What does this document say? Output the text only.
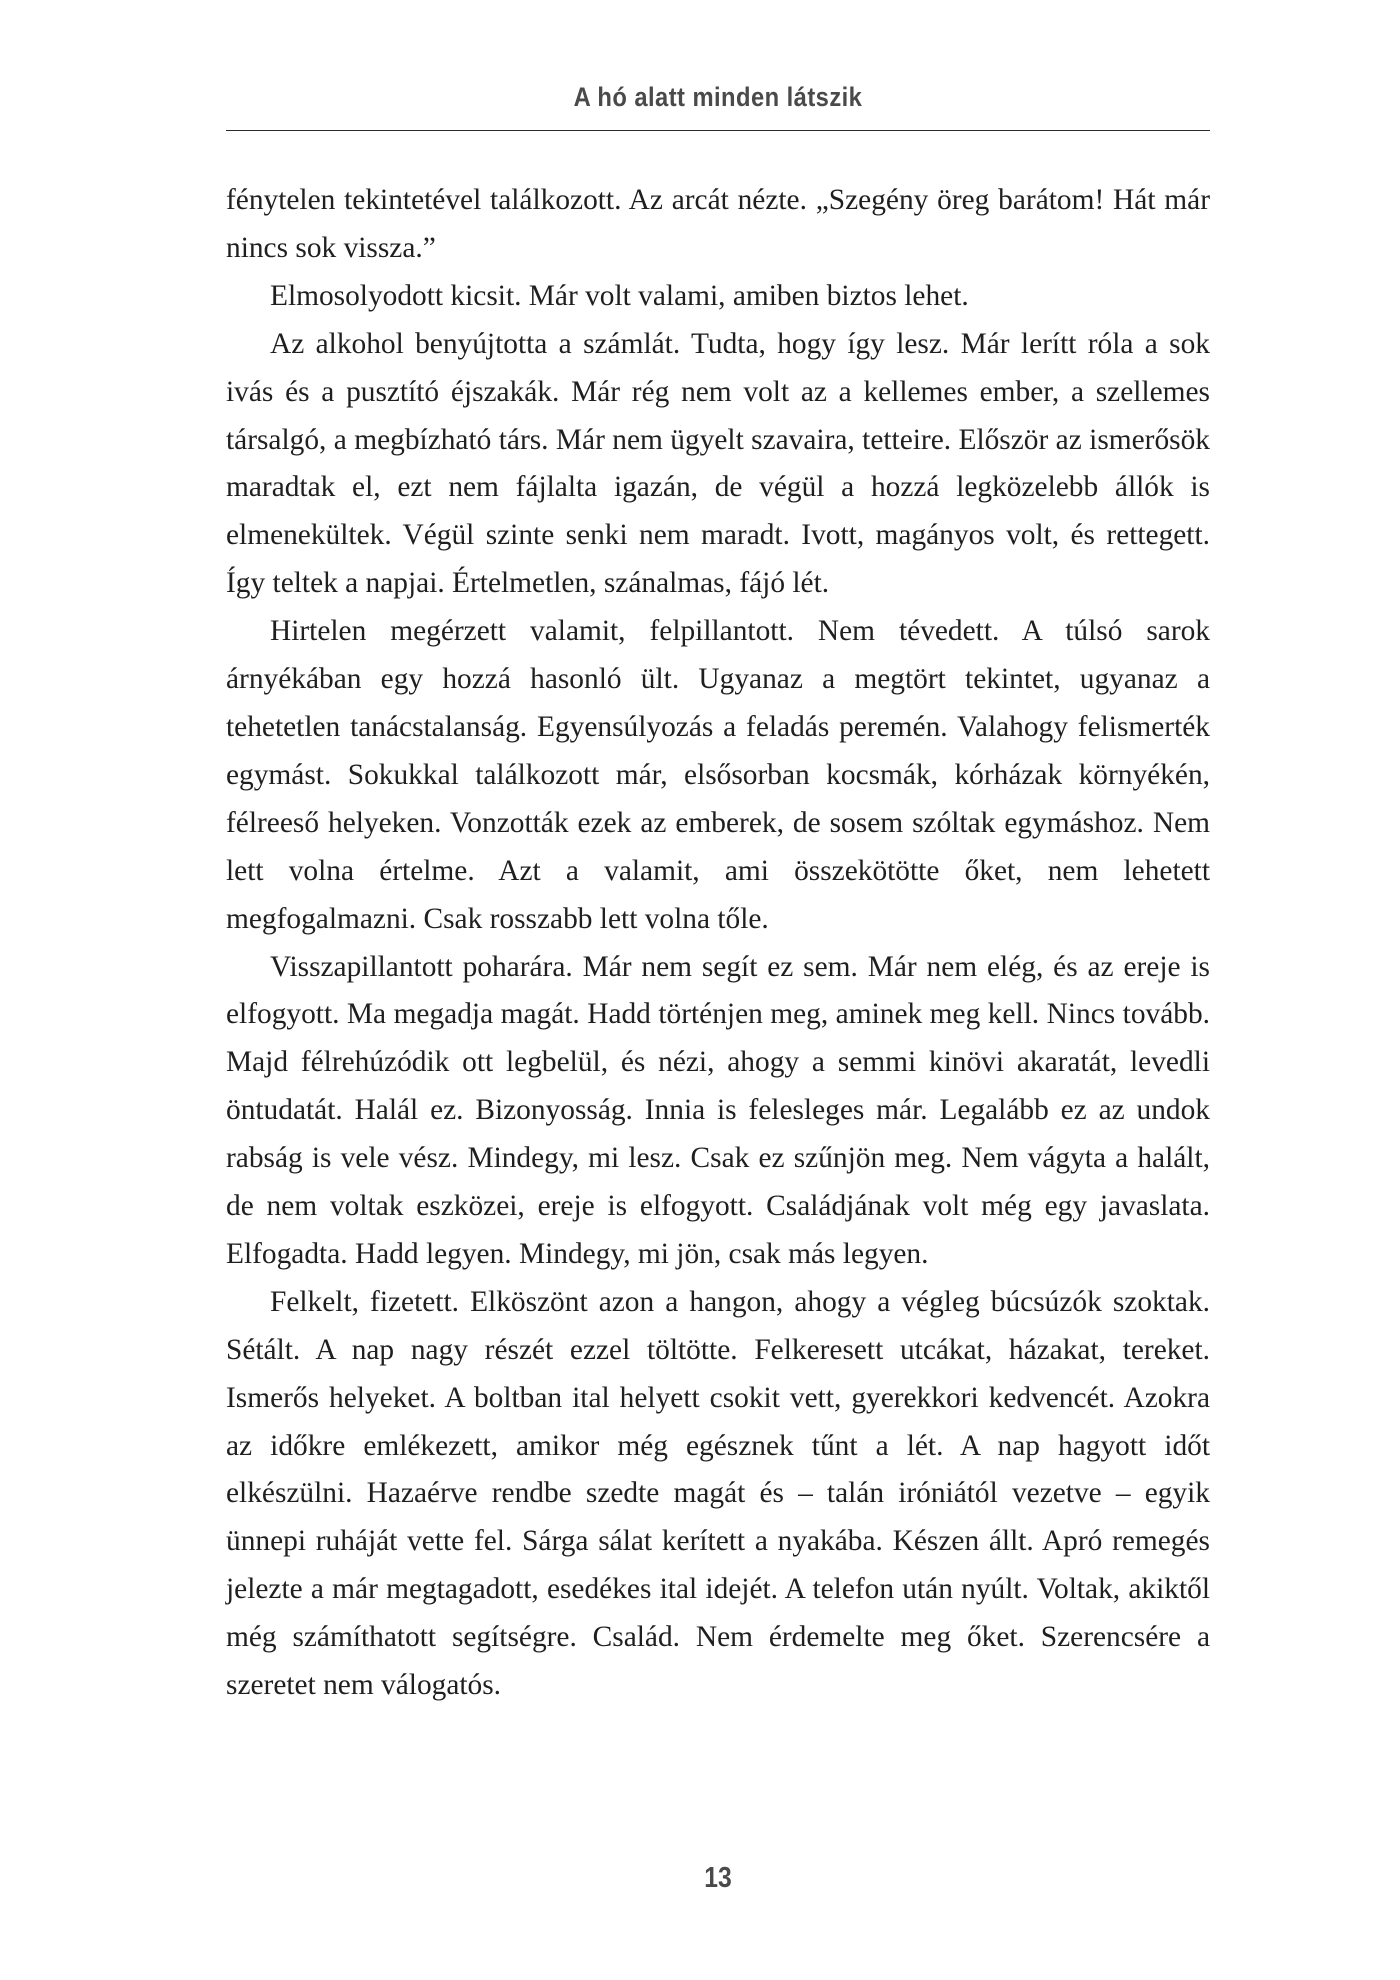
A hó alatt minden látszik

fénytelen tekintetével találkozott. Az arcát nézte. „Szegény öreg barátom! Hát már nincs sok vissza.”

Elmosolyodott kicsit. Már volt valami, amiben biztos lehet.

Az alkohol benyújtotta a számlát. Tudta, hogy így lesz. Már lerítt róla a sok ivás és a pusztító éjszakák. Már rég nem volt az a kellemes ember, a szellemes társalgó, a megbízható társ. Már nem ügyelt szavaira, tetteire. Először az ismerősök maradtak el, ezt nem fájlalta igazán, de végül a hozzá legközelebb állók is elmenekültek. Végül szinte senki nem maradt. Ivott, magányos volt, és rettegett. Így teltek a napjai. Értelmetlen, szánalmas, fájó lét.

Hirtelen megérzett valamit, felpillantott. Nem tévedett. A túlsó sarok árnyékában egy hozzá hasonló ült. Ugyanaz a megtört tekintet, ugyanaz a tehetetlen tanácstalanság. Egyensúlyozás a feladás peremén. Valahogy felismerték egymást. Sokukkal találkozott már, elsősorban kocsmák, kórházak környékén, félreeső helyeken. Vonzották ezek az emberek, de sosem szóltak egymáshoz. Nem lett volna értelme. Azt a valamit, ami összekötötte őket, nem lehetett megfogalmazni. Csak rosszabb lett volna tőle.

Visszapillantott poharára. Már nem segít ez sem. Már nem elég, és az ereje is elfogyott. Ma megadja magát. Hadd történjen meg, aminek meg kell. Nincs tovább. Majd félrehúzódik ott legbelül, és nézi, ahogy a semmi kinövi akaratát, levedli öntudatát. Halál ez. Bizonyosság. Innia is felesleges már. Legalább ez az undok rabság is vele vész. Mindegy, mi lesz. Csak ez szűnjön meg. Nem vágyta a halált, de nem voltak eszközei, ereje is elfogyott. Családjának volt még egy javaslata. Elfogadta. Hadd legyen. Mindegy, mi jön, csak más legyen.

Felkelt, fizetett. Elköszönt azon a hangon, ahogy a végleg búcsúzók szoktak. Sétált. A nap nagy részét ezzel töltötte. Felkeresett utcákat, házakat, tereket. Ismerős helyeket. A boltban ital helyett csokit vett, gyerekkori kedvencét. Azokra az időkre emlékezett, amikor még egésznek tűnt a lét. A nap hagyott időt elkészülni. Hazaérve rendbe szedte magát és – talán iróniától vezetve – egyik ünnepi ruháját vette fel. Sárga sálat kerített a nyakába. Készen állt. Apró remegés jelezte a már megtagadott, esedékes ital idejét. A telefon után nyúlt. Voltak, akiktől még számíthatott segítségre. Család. Nem érdemelte meg őket. Szerencsére a szeretet nem válogatós.

13
